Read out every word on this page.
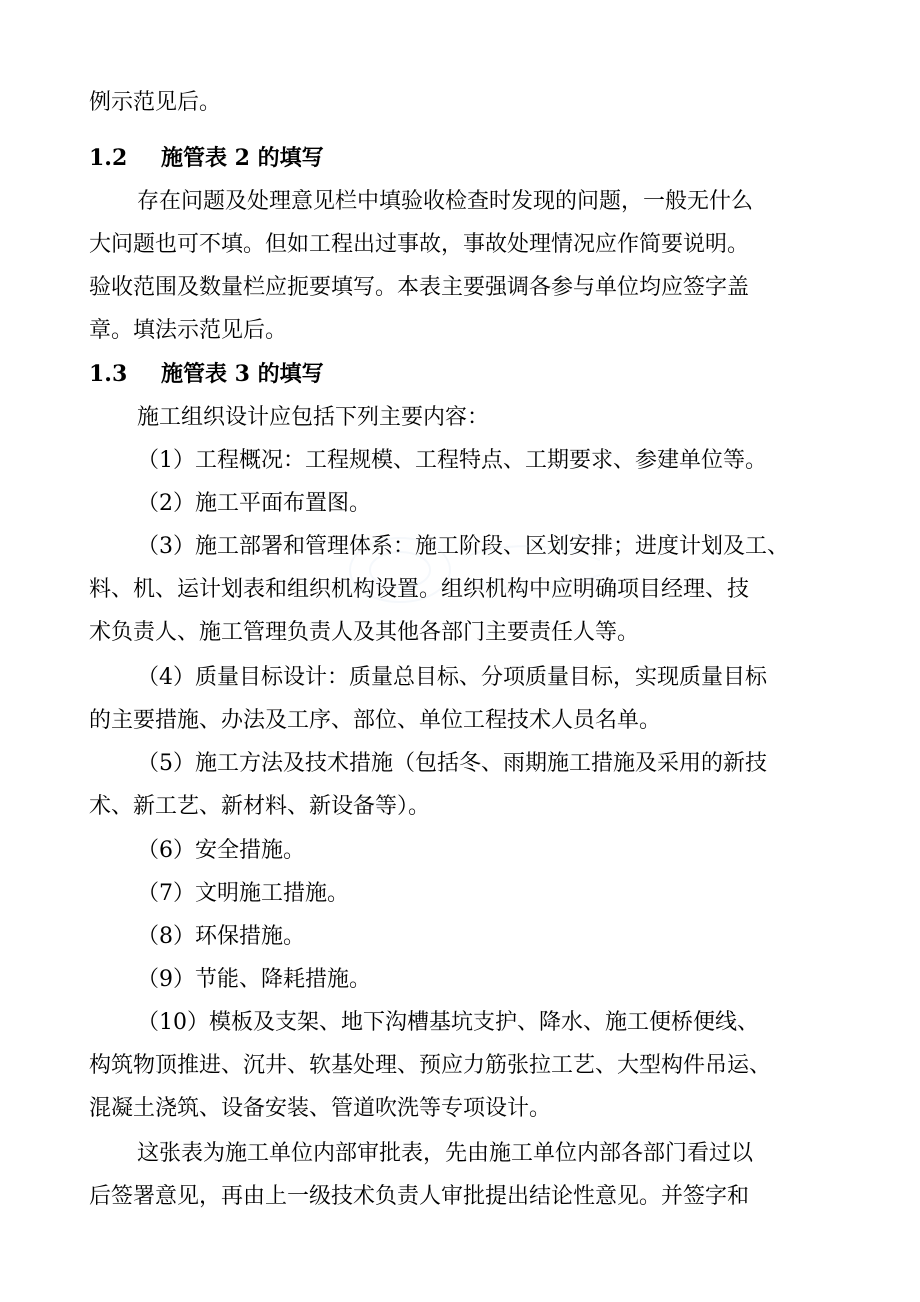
例示范见后。
1.2 施管表 2 的填写
存在问题及处理意见栏中填验收检查时发现的问题，一般无什么
大问题也可不填。但如工程出过事故，事故处理情况应作简要说明。
验收范围及数量栏应扼要填写。本表主要强调各参与单位均应签字盖
章。填法示范见后。
1.3 施管表 3 的填写
施工组织设计应包括下列主要内容：
（1）工程概况：工程规模、工程特点、工期要求、参建单位等。
（2）施工平面布置图。
（3）施工部署和管理体系：施工阶段、区划安排；进度计划及工、
料、机、运计划表和组织机构设置。组织机构中应明确项目经理、技
术负责人、施工管理负责人及其他各部门主要责任人等。
（4）质量目标设计：质量总目标、分项质量目标，实现质量目标
的主要措施、办法及工序、部位、单位工程技术人员名单。
（5）施工方法及技术措施（包括冬、雨期施工措施及采用的新技
术、新工艺、新材料、新设备等）。
（6）安全措施。
（7）文明施工措施。
（8）环保措施。
（9）节能、降耗措施。
（10）模板及支架、地下沟槽基坑支护、降水、施工便桥便线、
构筑物顶推进、沉井、软基处理、预应力筋张拉工艺、大型构件吊运、
混凝土浇筑、设备安装、管道吹洗等专项设计。
这张表为施工单位内部审批表，先由施工单位内部各部门看过以
后签署意见，再由上一级技术负责人审批提出结论性意见。并签字和
